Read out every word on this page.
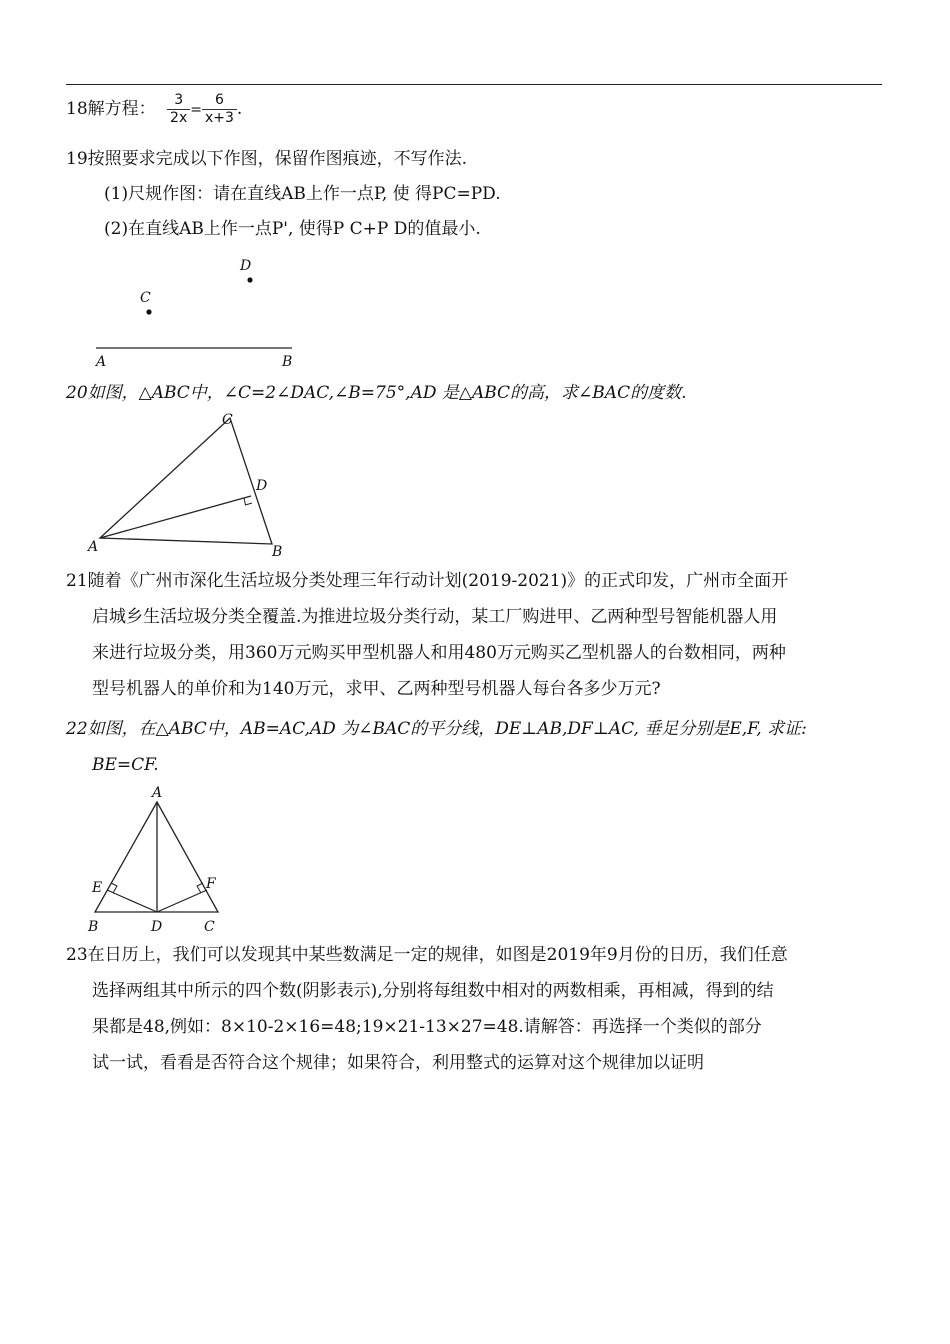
18解方程： $\frac{3}{2x} = \frac{6}{x+3}$ .
19按照要求完成以下作图，保留作图痕迹，不写作法.
(1)尺规作图：请在直线AB上作一点P, 使 得PC=PD.
(2)在直线AB上作一点P', 使得P C+P D的值最小.
D
C
A	B
20如图，△ABC中，∠C=2∠DAC,∠B=75°,AD 是△ABC的高，求∠BAC的度数.
C
D
A	B
21随着《广州市深化生活垃圾分类处理三年行动计划(2019-2021)》的正式印发，广州市全面开
启城乡生活垃圾分类全覆盖.为推进垃圾分类行动，某工厂购进甲、乙两种型号智能机器人用
来进行垃圾分类，用360万元购买甲型机器人和用480万元购买乙型机器人的台数相同，两种
型号机器人的单价和为140万元，求甲、乙两种型号机器人每台各多少万元?
22如图，在△ABC中，AB=AC,AD 为∠BAC的平分线，DE⊥AB,DF⊥AC, 垂足分别是E,F, 求证:
BE=CF.
A
E	F
B	D	C
23在日历上，我们可以发现其中某些数满足一定的规律，如图是2019年9月份的日历，我们任意
选择两组其中所示的四个数(阴影表示),分别将每组数中相对的两数相乘，再相减，得到的结
果都是48,例如：8×10-2×16=48;19×21-13×27=48.请解答：再选择一个类似的部分
试一试，看看是否符合这个规律；如果符合，利用整式的运算对这个规律加以证明
